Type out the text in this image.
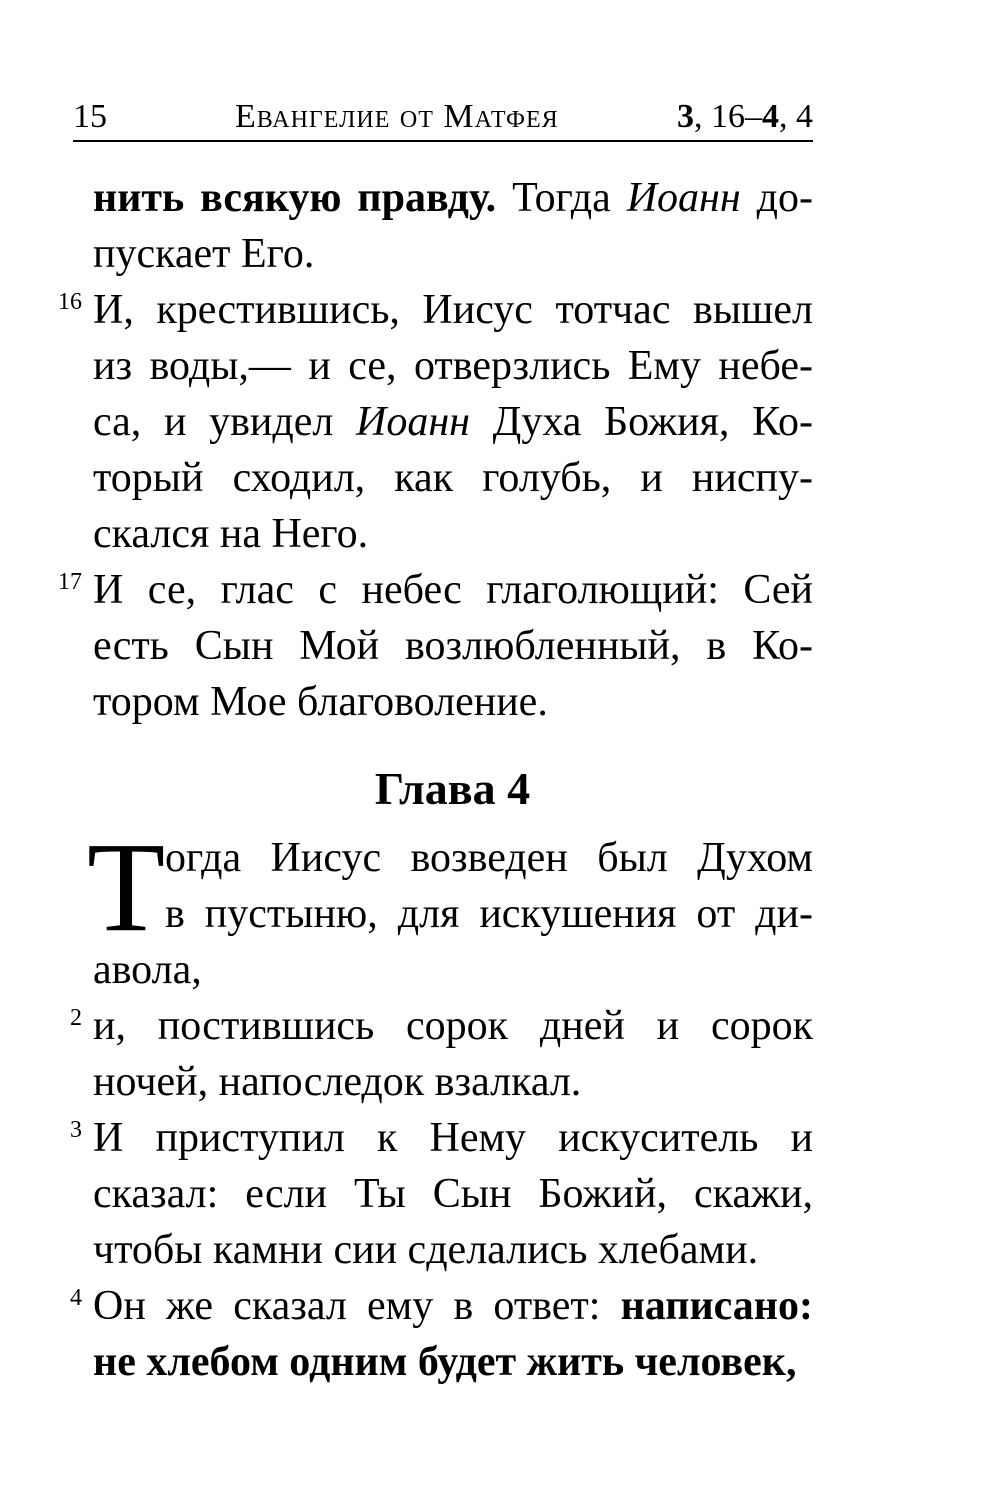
15	Евангелие от Матфея	3, 16–4, 4
нить всякую правду. Тогда Иоанн до-
пускает Его.
16 И, крестившись, Иисус тотчас вышел
из воды,— и се, отверзлись Ему небе-
са, и увидел Иоанн Духа Божия, Ко-
торый сходил, как голубь, и ниспу-
скался на Него.
17 И се, глас с небес глаголющий: Сей
есть Сын Мой возлюбленный, в Ко-
тором Мое благоволение.
Глава 4
Т огда Иисус возведен был Духом
в пустыню, для искушения от ди-
авола,
2 и, постившись сорок дней и сорок
ночей, напоследок взалкал.
3 И приступил к Нему искуситель и
сказал: если Ты Сын Божий, скажи,
чтобы камни сии сделались хлебами.
4 Он же сказал ему в ответ: написано:
не хлебом одним будет жить человек,
